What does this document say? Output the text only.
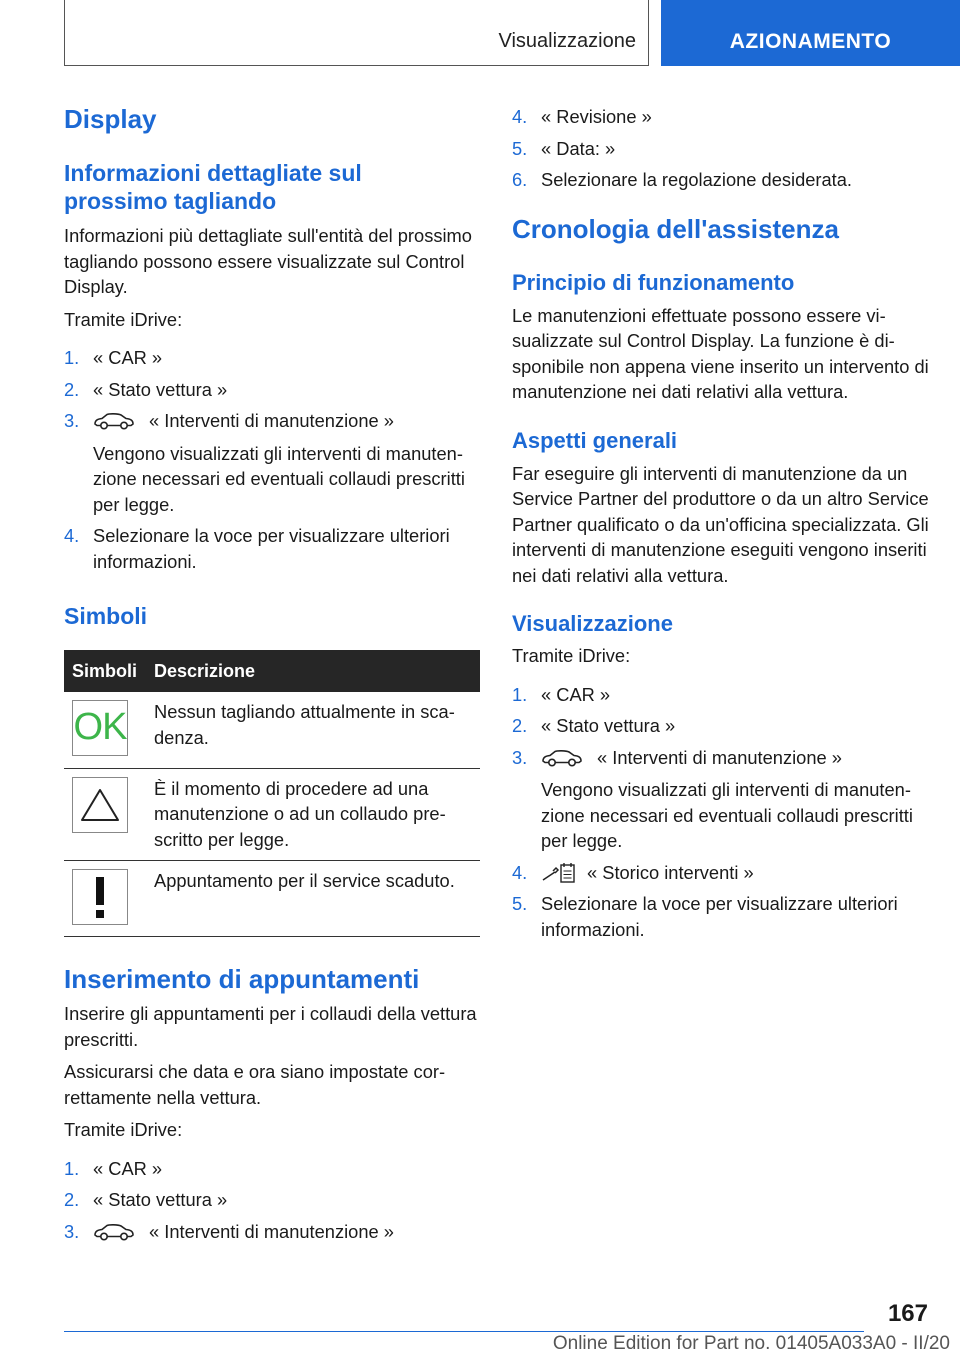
Visualizzazione	AZIONAMENTO
Display
Informazioni dettagliate sul prossimo tagliando

Informazioni più dettagliate sull'entità del prossimo tagliando possono essere visualizzate sul Control Display.

Tramite iDrive:

1. « CAR »
2. « Stato vettura »
3.	« Interventi di manutenzione »
Vengono visualizzati gli interventi di manutenzione necessari ed eventuali collaudi prescritti per legge.
4. Selezionare la voce per visualizzare ulteriori informazioni.
Simboli
Simboli	Descrizione

OK	Nessun tagliando attualmente in scadenza.

	È il momento di procedere ad una manutenzione o ad un collaudo prescritto per legge.

	Appuntamento per il service scaduto.
Inserimento di appuntamenti

Inserire gli appuntamenti per i collaudi della vettura prescritti.

Assicurarsi che data e ora siano impostate correttamente nella vettura.

Tramite iDrive:

1. « CAR »
2. « Stato vettura »
3.	« Interventi di manutenzione »
4. « Revisione »
5. « Data: »
6. Selezionare la regolazione desiderata.
Cronologia dell'assistenza
Principio di funzionamento

Le manutenzioni effettuate possono essere visualizzate sul Control Display. La funzione è disponibile non appena viene inserito un intervento di manutenzione nei dati relativi alla vettura.

Aspetti generali

Far eseguire gli interventi di manutenzione da un Service Partner del produttore o da un altro Service Partner qualificato o da un'officina specializzata. Gli interventi di manutenzione eseguiti vengono inseriti nei dati relativi alla vettura.

Visualizzazione

Tramite iDrive:

1. « CAR »
2. « Stato vettura »
3.	« Interventi di manutenzione »
Vengono visualizzati gli interventi di manutenzione necessari ed eventuali collaudi prescritti per legge.
4.	« Storico interventi »
5. Selezionare la voce per visualizzare ulteriori informazioni.
167
Online Edition for Part no. 01405A033A0 - II/20
